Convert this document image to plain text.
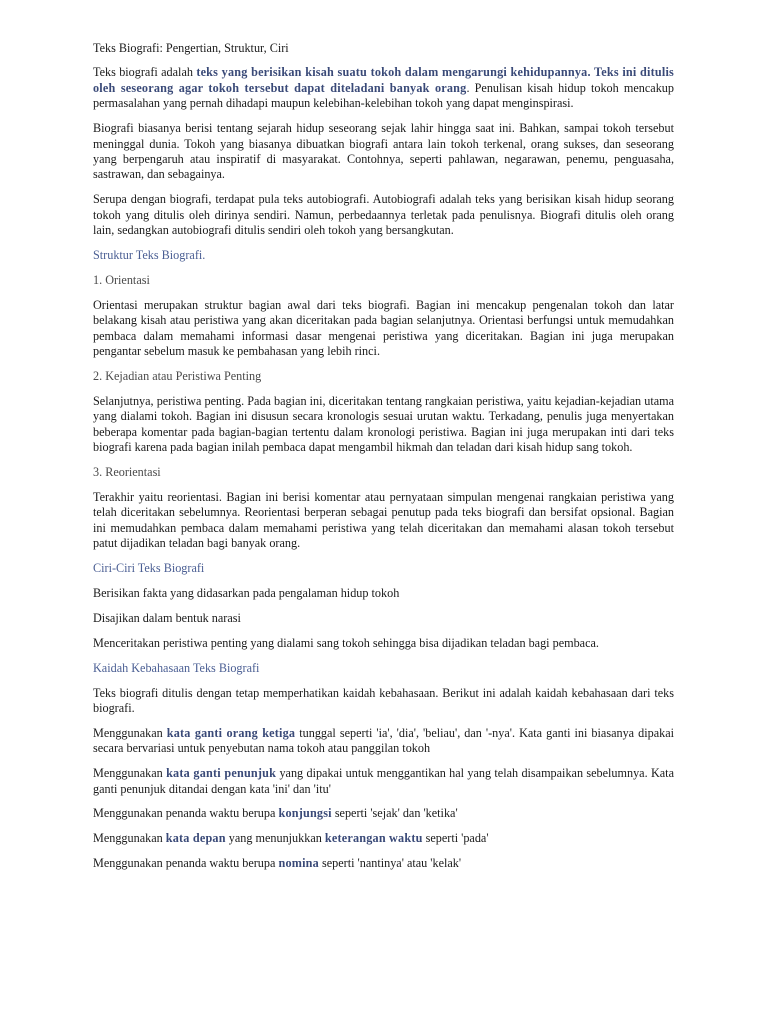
Teks Biografi: Pengertian, Struktur, Ciri

Teks biografi adalah teks yang berisikan kisah suatu tokoh dalam mengarungi kehidupannya. Teks ini ditulis oleh seseorang agar tokoh tersebut dapat diteladani banyak orang. Penulisan kisah hidup tokoh mencakup permasalahan yang pernah dihadapi maupun kelebihan-kelebihan tokoh yang dapat menginspirasi.

Biografi biasanya berisi tentang sejarah hidup seseorang sejak lahir hingga saat ini. Bahkan, sampai tokoh tersebut meninggal dunia. Tokoh yang biasanya dibuatkan biografi antara lain tokoh terkenal, orang sukses, dan seseorang yang berpengaruh atau inspiratif di masyarakat. Contohnya, seperti pahlawan, negarawan, penemu, penguasaha, sastrawan, dan sebagainya.

Serupa dengan biografi, terdapat pula teks autobiografi. Autobiografi adalah teks yang berisikan kisah hidup seorang tokoh yang ditulis oleh dirinya sendiri. Namun, perbedaannya terletak pada penulisnya. Biografi ditulis oleh orang lain, sedangkan autobiografi ditulis sendiri oleh tokoh yang bersangkutan.

Struktur Teks Biografi.
1. Orientasi

Orientasi merupakan struktur bagian awal dari teks biografi. Bagian ini mencakup pengenalan tokoh dan latar belakang kisah atau peristiwa yang akan diceritakan pada bagian selanjutnya. Orientasi berfungsi untuk memudahkan pembaca dalam memahami informasi dasar mengenai peristiwa yang diceritakan. Bagian ini juga merupakan pengantar sebelum masuk ke pembahasan yang lebih rinci.

2. Kejadian atau Peristiwa Penting

Selanjutnya, peristiwa penting. Pada bagian ini, diceritakan tentang rangkaian peristiwa, yaitu kejadian-kejadian utama yang dialami tokoh. Bagian ini disusun secara kronologis sesuai urutan waktu. Terkadang, penulis juga menyertakan beberapa komentar pada bagian-bagian tertentu dalam kronologi peristiwa. Bagian ini juga merupakan inti dari teks biografi karena pada bagian inilah pembaca dapat mengambil hikmah dan teladan dari kisah hidup sang tokoh.

3. Reorientasi

Terakhir yaitu reorientasi. Bagian ini berisi komentar atau pernyataan simpulan mengenai rangkaian peristiwa yang telah diceritakan sebelumnya. Reorientasi berperan sebagai penutup pada teks biografi dan bersifat opsional. Bagian ini memudahkan pembaca dalam memahami peristiwa yang telah diceritakan dan memahami alasan tokoh tersebut patut dijadikan teladan bagi banyak orang.

Ciri-Ciri Teks Biografi

Berisikan fakta yang didasarkan pada pengalaman hidup tokoh

Disajikan dalam bentuk narasi

Menceritakan peristiwa penting yang dialami sang tokoh sehingga bisa dijadikan teladan bagi pembaca.

Kaidah Kebahasaan Teks Biografi

Teks biografi ditulis dengan tetap memperhatikan kaidah kebahasaan. Berikut ini adalah kaidah kebahasaan dari teks biografi.

Menggunakan kata ganti orang ketiga tunggal seperti 'ia', 'dia', 'beliau', dan '-nya'. Kata ganti ini biasanya dipakai secara bervariasi untuk penyebutan nama tokoh atau panggilan tokoh

Menggunakan kata ganti penunjuk yang dipakai untuk menggantikan hal yang telah disampaikan sebelumnya. Kata ganti penunjuk ditandai dengan kata 'ini' dan 'itu'

Menggunakan penanda waktu berupa konjungsi seperti 'sejak' dan 'ketika'

Menggunakan kata depan yang menunjukkan keterangan waktu seperti 'pada'

Menggunakan penanda waktu berupa nomina seperti 'nantinya' atau 'kelak'
